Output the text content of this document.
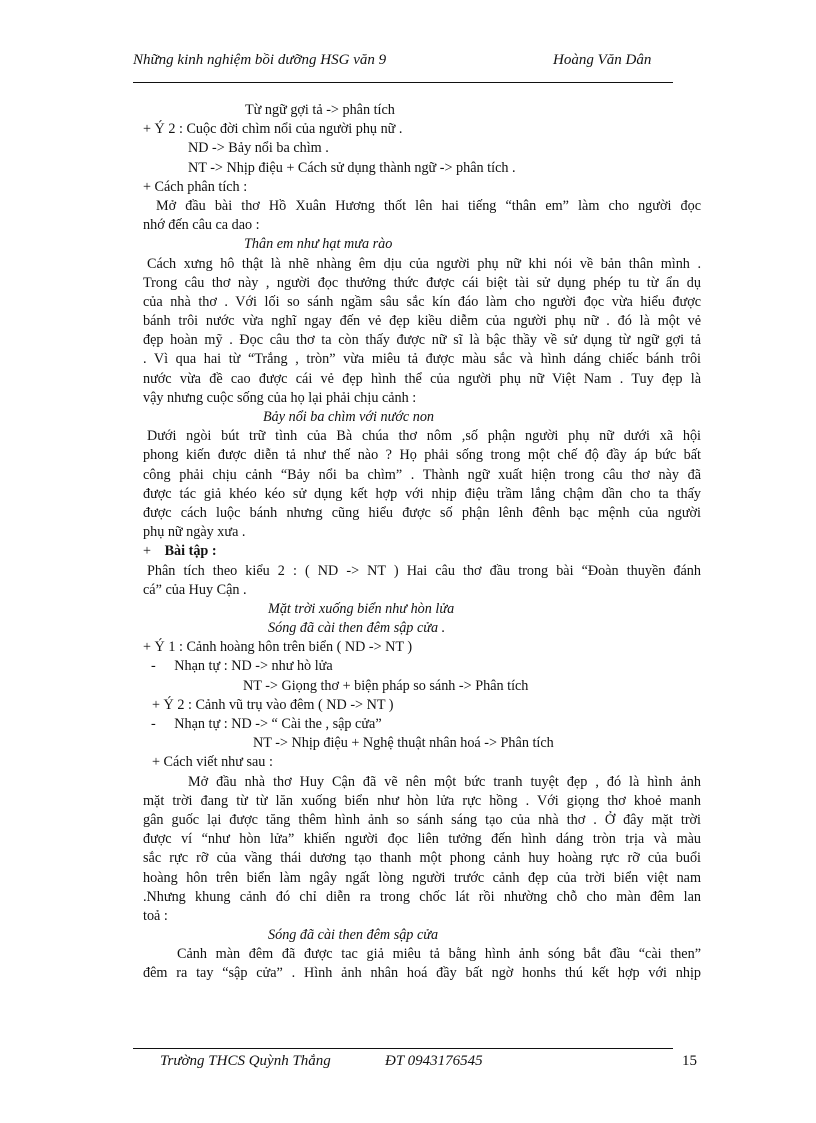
Những kinh nghiệm bồi dưỡng HSG văn 9	Hoàng Văn Dân
Từ ngữ gợi tả -> phân tích
+ Ý 2 : Cuộc đời chìm nổi của người phụ nữ .
ND -> Bảy nổi ba chìm .
NT -> Nhịp điệu + Cách sử dụng thành ngữ -> phân tích .
+ Cách phân tích :
Mở đầu bài thơ Hồ Xuân Hương thốt lên hai tiếng “thân em” làm cho người đọc
nhớ đến câu ca dao :
Thân em như hạt mưa rào
Cách xưng hô thật là nhẽ nhàng êm dịu của người phụ nữ khi nói về bản thân mình .
Trong câu thơ này , người đọc thưởng thức được cái biệt tài sử dụng phép tu từ ẩn dụ
của nhà thơ . Với lối so sánh ngầm sâu sắc kín đáo làm cho người đọc vừa hiểu được
bánh trôi nước vừa nghĩ ngay đến vẻ đẹp kiều diễm của người phụ nữ . đó là một vẻ
đẹp hoàn mỹ . Đọc câu thơ ta còn thấy được nữ sĩ là bậc thầy về sử dụng từ ngữ gợi tả
. Vì qua hai từ “Trắng , tròn” vừa miêu tả được màu sắc và hình dáng chiếc bánh trôi
nước vừa đề cao được cái vẻ đẹp hình thể của người phụ nữ Việt Nam . Tuy đẹp là
vậy nhưng cuộc sống của họ lại phải chịu cảnh :
Bảy nổi ba chìm với nước non
Dưới ngòi bút trữ tình của Bà chúa thơ nôm ,số phận người phụ nữ dưới xã hội
phong kiến được diễn tả như thế nào ? Họ phải sống trong một chế độ đầy áp bức bất
công phải chịu cảnh “Bảy nổi ba chìm” . Thành ngữ xuất hiện trong câu thơ này đã
được tác giả khéo kéo sử dụng kết hợp với nhịp điệu trầm lắng chậm dần cho ta thấy
được cách luộc bánh nhưng cũng hiểu được số phận lênh đênh bạc mệnh của người
phụ nữ ngày xưa .
+ Bài tập :
Phân tích theo kiểu 2 : ( ND -> NT ) Hai câu thơ đầu trong bài “Đoàn thuyền đánh
cá” của Huy Cận .
Mặt trời xuống biển như hòn lửa
Sóng đã cài then đêm sập cửa .
+ Ý 1 : Cảnh hoàng hôn trên biển ( ND -> NT )
- Nhạn tự : ND -> như hò lửa
NT -> Giọng thơ + biện pháp so sánh -> Phân tích
+ Ý 2 : Cảnh vũ trụ vào đêm ( ND -> NT )
- Nhạn tự : ND -> “ Cài the , sập cửa”
NT -> Nhịp điệu + Nghệ thuật nhân hoá -> Phân tích
+ Cách viết như sau :
Mở đầu nhà thơ Huy Cận đã vẽ nên một bức tranh tuyệt đẹp , đó là hình ảnh
mặt trời đang từ từ lăn xuống biển như hòn lửa rực hồng . Với giọng thơ khoẻ manh
gân guốc lại được tăng thêm hình ảnh so sánh sáng tạo của nhà thơ . Ở đây mặt trời
được ví “như hòn lửa” khiến người đọc liên tưởng đến hình dáng tròn trịa và màu
sắc rực rỡ của vầng thái dương tạo thanh một phong cảnh huy hoàng rực rỡ của buổi
hoàng hôn trên biển làm ngây ngất lòng người trước cảnh đẹp của trời biển việt nam
.Nhưng khung cảnh đó chỉ diễn ra trong chốc lát rồi nhường chỗ cho màn đêm lan
toả :
Sóng đã cài then đêm sập cửa
Cảnh màn đêm đã được tac giả miêu tả bằng hình ảnh sóng bắt đầu “cài then”
đêm ra tay “sập cửa” . Hình ảnh nhân hoá đầy bất ngờ honhs thú kết hợp với nhịp
Trường THCS Quỳnh Thắng	ĐT 0943176545	15
